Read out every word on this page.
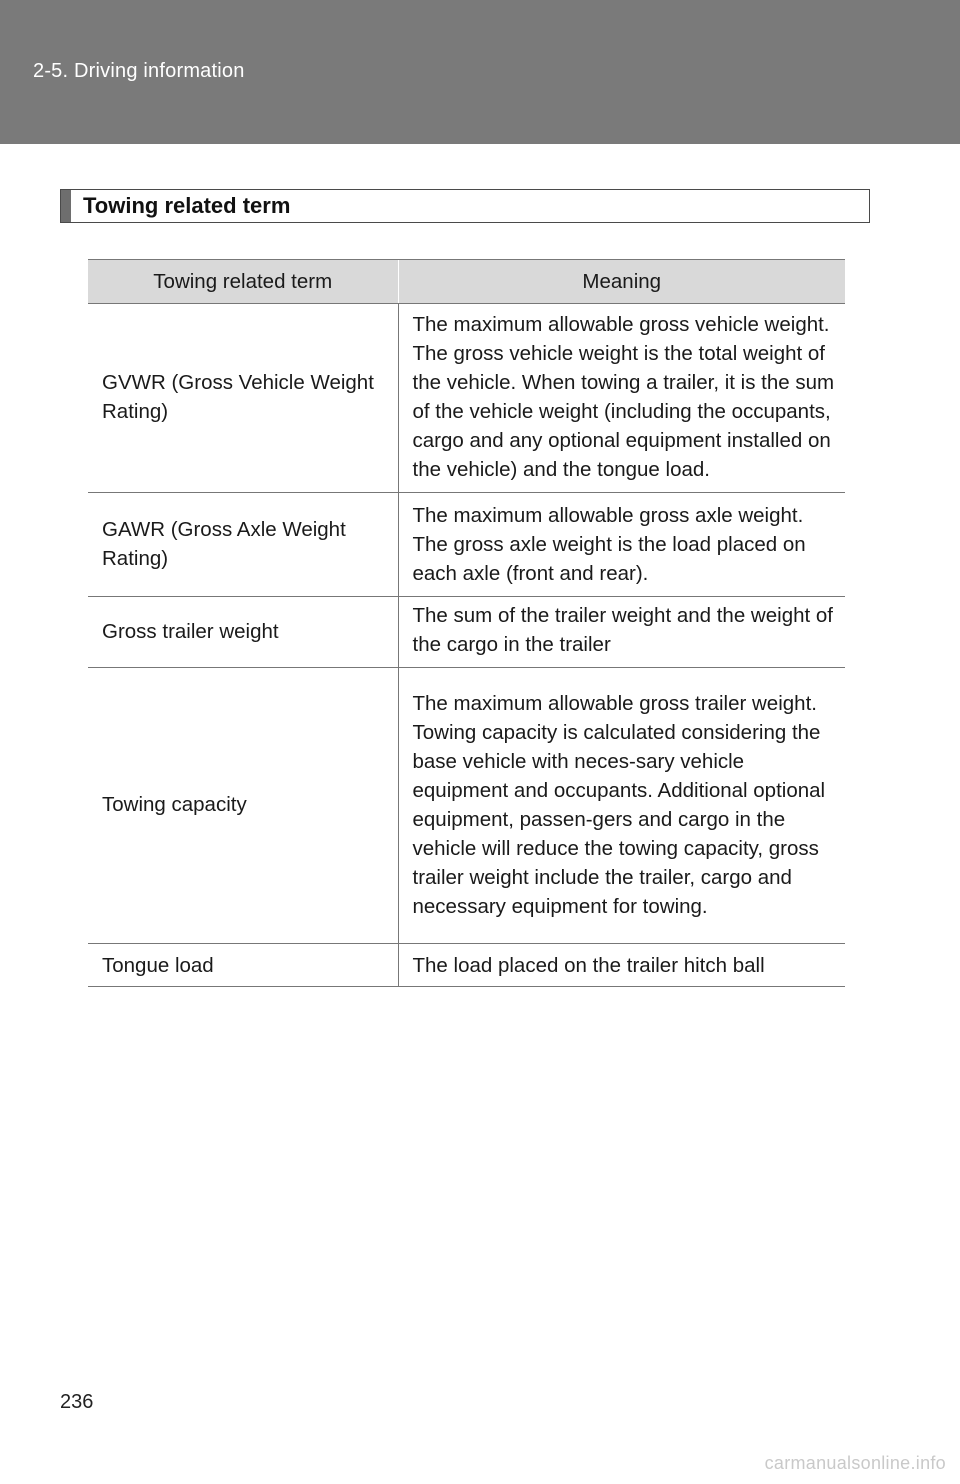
2-5. Driving information
Towing related term
Towing related term	Meaning
GVWR (Gross Vehicle Weight Rating)	The maximum allowable gross vehicle weight. The gross vehicle weight is the total weight of the vehicle. When towing a trailer, it is the sum of the vehicle weight (including the occupants, cargo and any optional equipment installed on the vehicle) and the tongue load.
GAWR (Gross Axle Weight Rating)	The maximum allowable gross axle weight. The gross axle weight is the load placed on each axle (front and rear).
Gross trailer weight	The sum of the trailer weight and the weight of the cargo in the trailer
Towing capacity	The maximum allowable gross trailer weight. Towing capacity is calculated considering the base vehicle with neces-sary vehicle equipment and occupants. Additional optional equipment, passen-gers and cargo in the vehicle will reduce the towing capacity, gross trailer weight include the trailer, cargo and necessary equipment for towing.
Tongue load	The load placed on the trailer hitch ball
236
carmanualsonline.info
